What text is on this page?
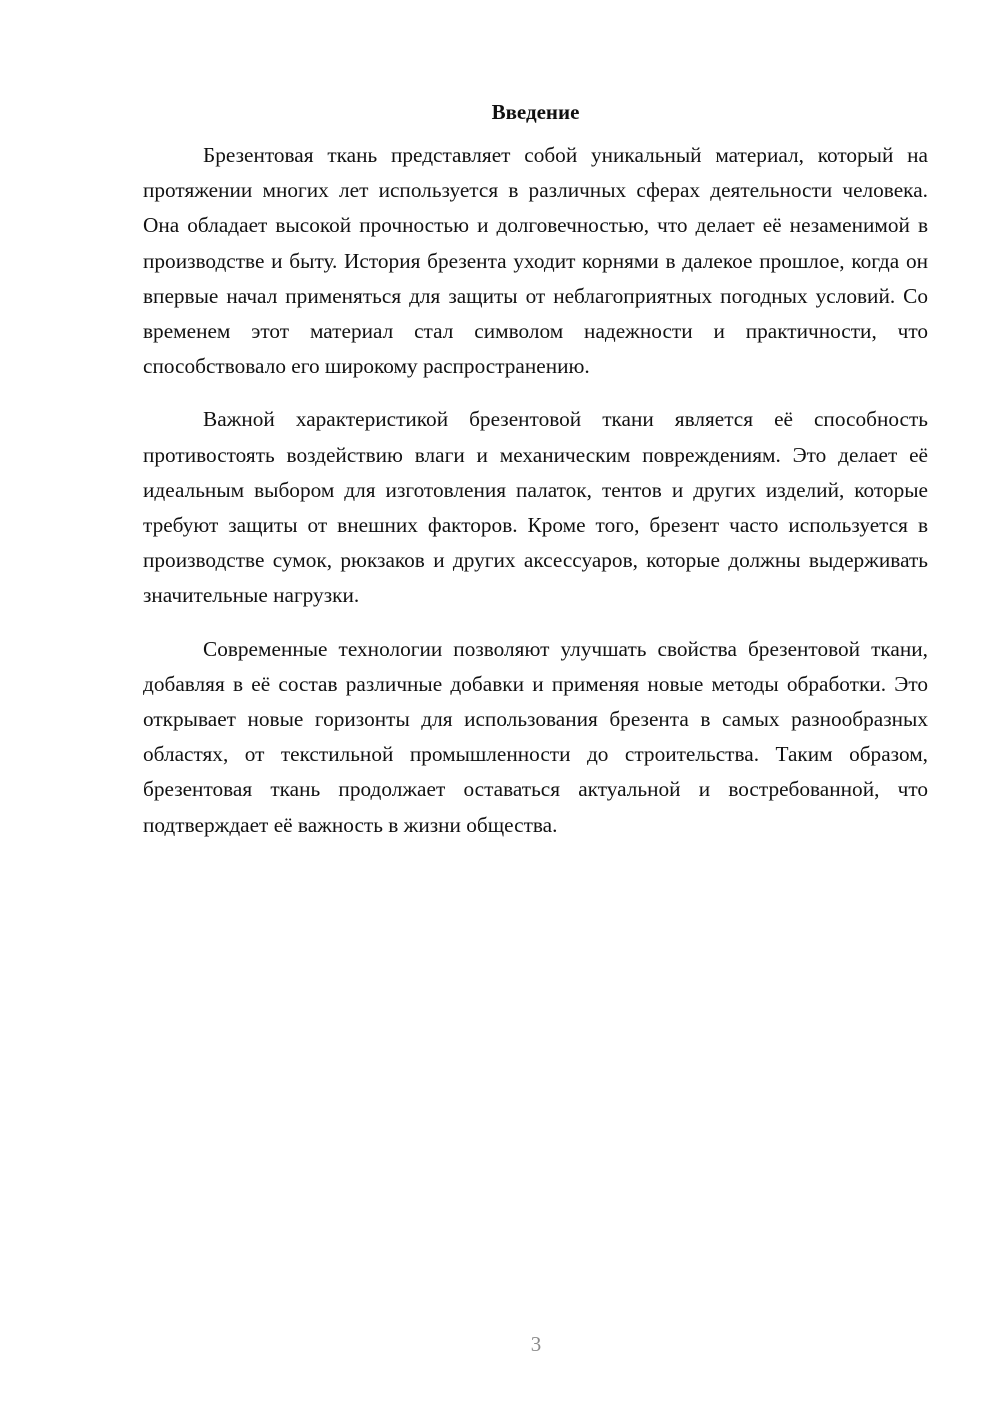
Введение

Брезентовая ткань представляет собой уникальный материал, который на протяжении многих лет используется в различных сферах деятельности человека. Она обладает высокой прочностью и долговечностью, что делает её незаменимой в производстве и быту. История брезента уходит корнями в далекое прошлое, когда он впервые начал применяться для защиты от неблагоприятных погодных условий. Со временем этот материал стал символом надежности и практичности, что способствовало его широкому распространению.

Важной характеристикой брезентовой ткани является её способность противостоять воздействию влаги и механическим повреждениям. Это делает её идеальным выбором для изготовления палаток, тентов и других изделий, которые требуют защиты от внешних факторов. Кроме того, брезент часто используется в производстве сумок, рюкзаков и других аксессуаров, которые должны выдерживать значительные нагрузки.

Современные технологии позволяют улучшать свойства брезентовой ткани, добавляя в её состав различные добавки и применяя новые методы обработки. Это открывает новые горизонты для использования брезента в самых разнообразных областях, от текстильной промышленности до строительства. Таким образом, брезентовая ткань продолжает оставаться актуальной и востребованной, что подтверждает её важность в жизни общества.

3
